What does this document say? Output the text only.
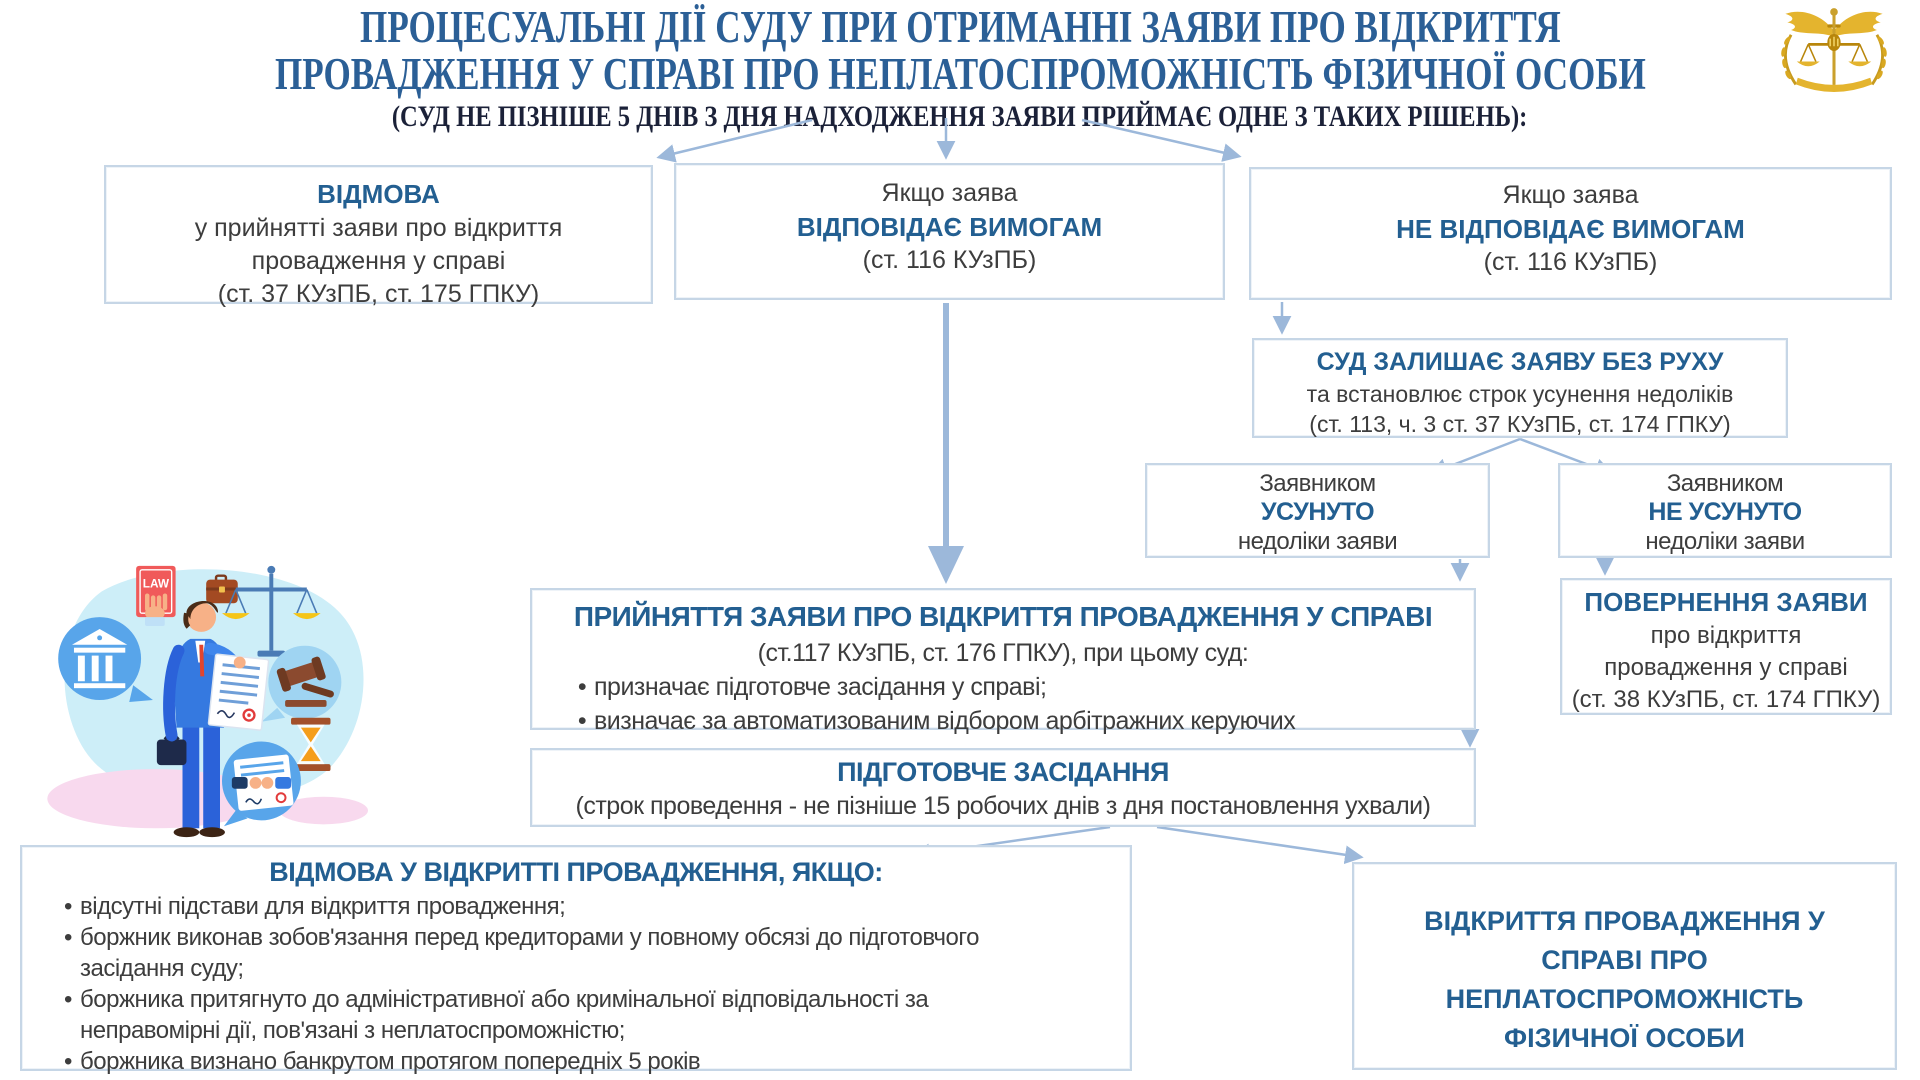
ПРОЦЕСУАЛЬНІ ДІЇ СУДУ ПРИ ОТРИМАННІ ЗАЯВИ ПРО ВІДКРИТТЯ
ПРОВАДЖЕННЯ У СПРАВІ ПРО НЕПЛАТОСПРОМОЖНІСТЬ ФІЗИЧНОЇ ОСОБИ
(СУД НЕ ПІЗНІШЕ 5 ДНІВ З ДНЯ НАДХОДЖЕННЯ ЗАЯВИ ПРИЙМАЄ ОДНЕ З ТАКИХ РІШЕНЬ):
ВІДМОВА
у прийнятті заяви про відкриття
провадження у справі
(ст. 37 КУзПБ, ст. 175 ГПКУ)
Якщо заява
ВІДПОВІДАЄ ВИМОГАМ
(ст. 116 КУзПБ)
Якщо заява
НЕ ВІДПОВІДАЄ ВИМОГАМ
(ст. 116 КУзПБ)
СУД ЗАЛИШАЄ ЗАЯВУ БЕЗ РУХУ
та встановлює строк усунення недоліків
(ст. 113, ч. 3 ст. 37 КУзПБ, ст. 174 ГПКУ)
Заявником
УСУНУТО
недоліки заяви
Заявником
НЕ УСУНУТО
недоліки заяви
ПРИЙНЯТТЯ ЗАЯВИ ПРО ВІДКРИТТЯ ПРОВАДЖЕННЯ У СПРАВІ
(ст.117 КУзПБ, ст. 176 ГПКУ), при цьому суд:
• призначає підготовче засідання у справі;
• визначає за автоматизованим відбором арбітражних керуючих
ПОВЕРНЕННЯ ЗАЯВИ
про відкриття
провадження у справі
(ст. 38 КУзПБ, ст. 174 ГПКУ)
ПІДГОТОВЧЕ ЗАСІДАННЯ
(строк проведення - не пізніше 15 робочих днів з дня постановлення ухвали)
ВІДМОВА У ВІДКРИТТІ ПРОВАДЖЕННЯ, ЯКЩО:
• відсутні підстави для відкриття провадження;
• боржник виконав зобов'язання перед кредиторами у повному обсязі до підготовчого засідання суду;
• боржника притягнуто до адміністративної або кримінальної відповідальності за неправомірні дії, пов'язані з неплатоспроможністю;
• боржника визнано банкрутом протягом попередніх 5 років
ВІДКРИТТЯ ПРОВАДЖЕННЯ У
СПРАВІ ПРО
НЕПЛАТОСПРОМОЖНІСТЬ
ФІЗИЧНОЇ ОСОБИ
LAW
